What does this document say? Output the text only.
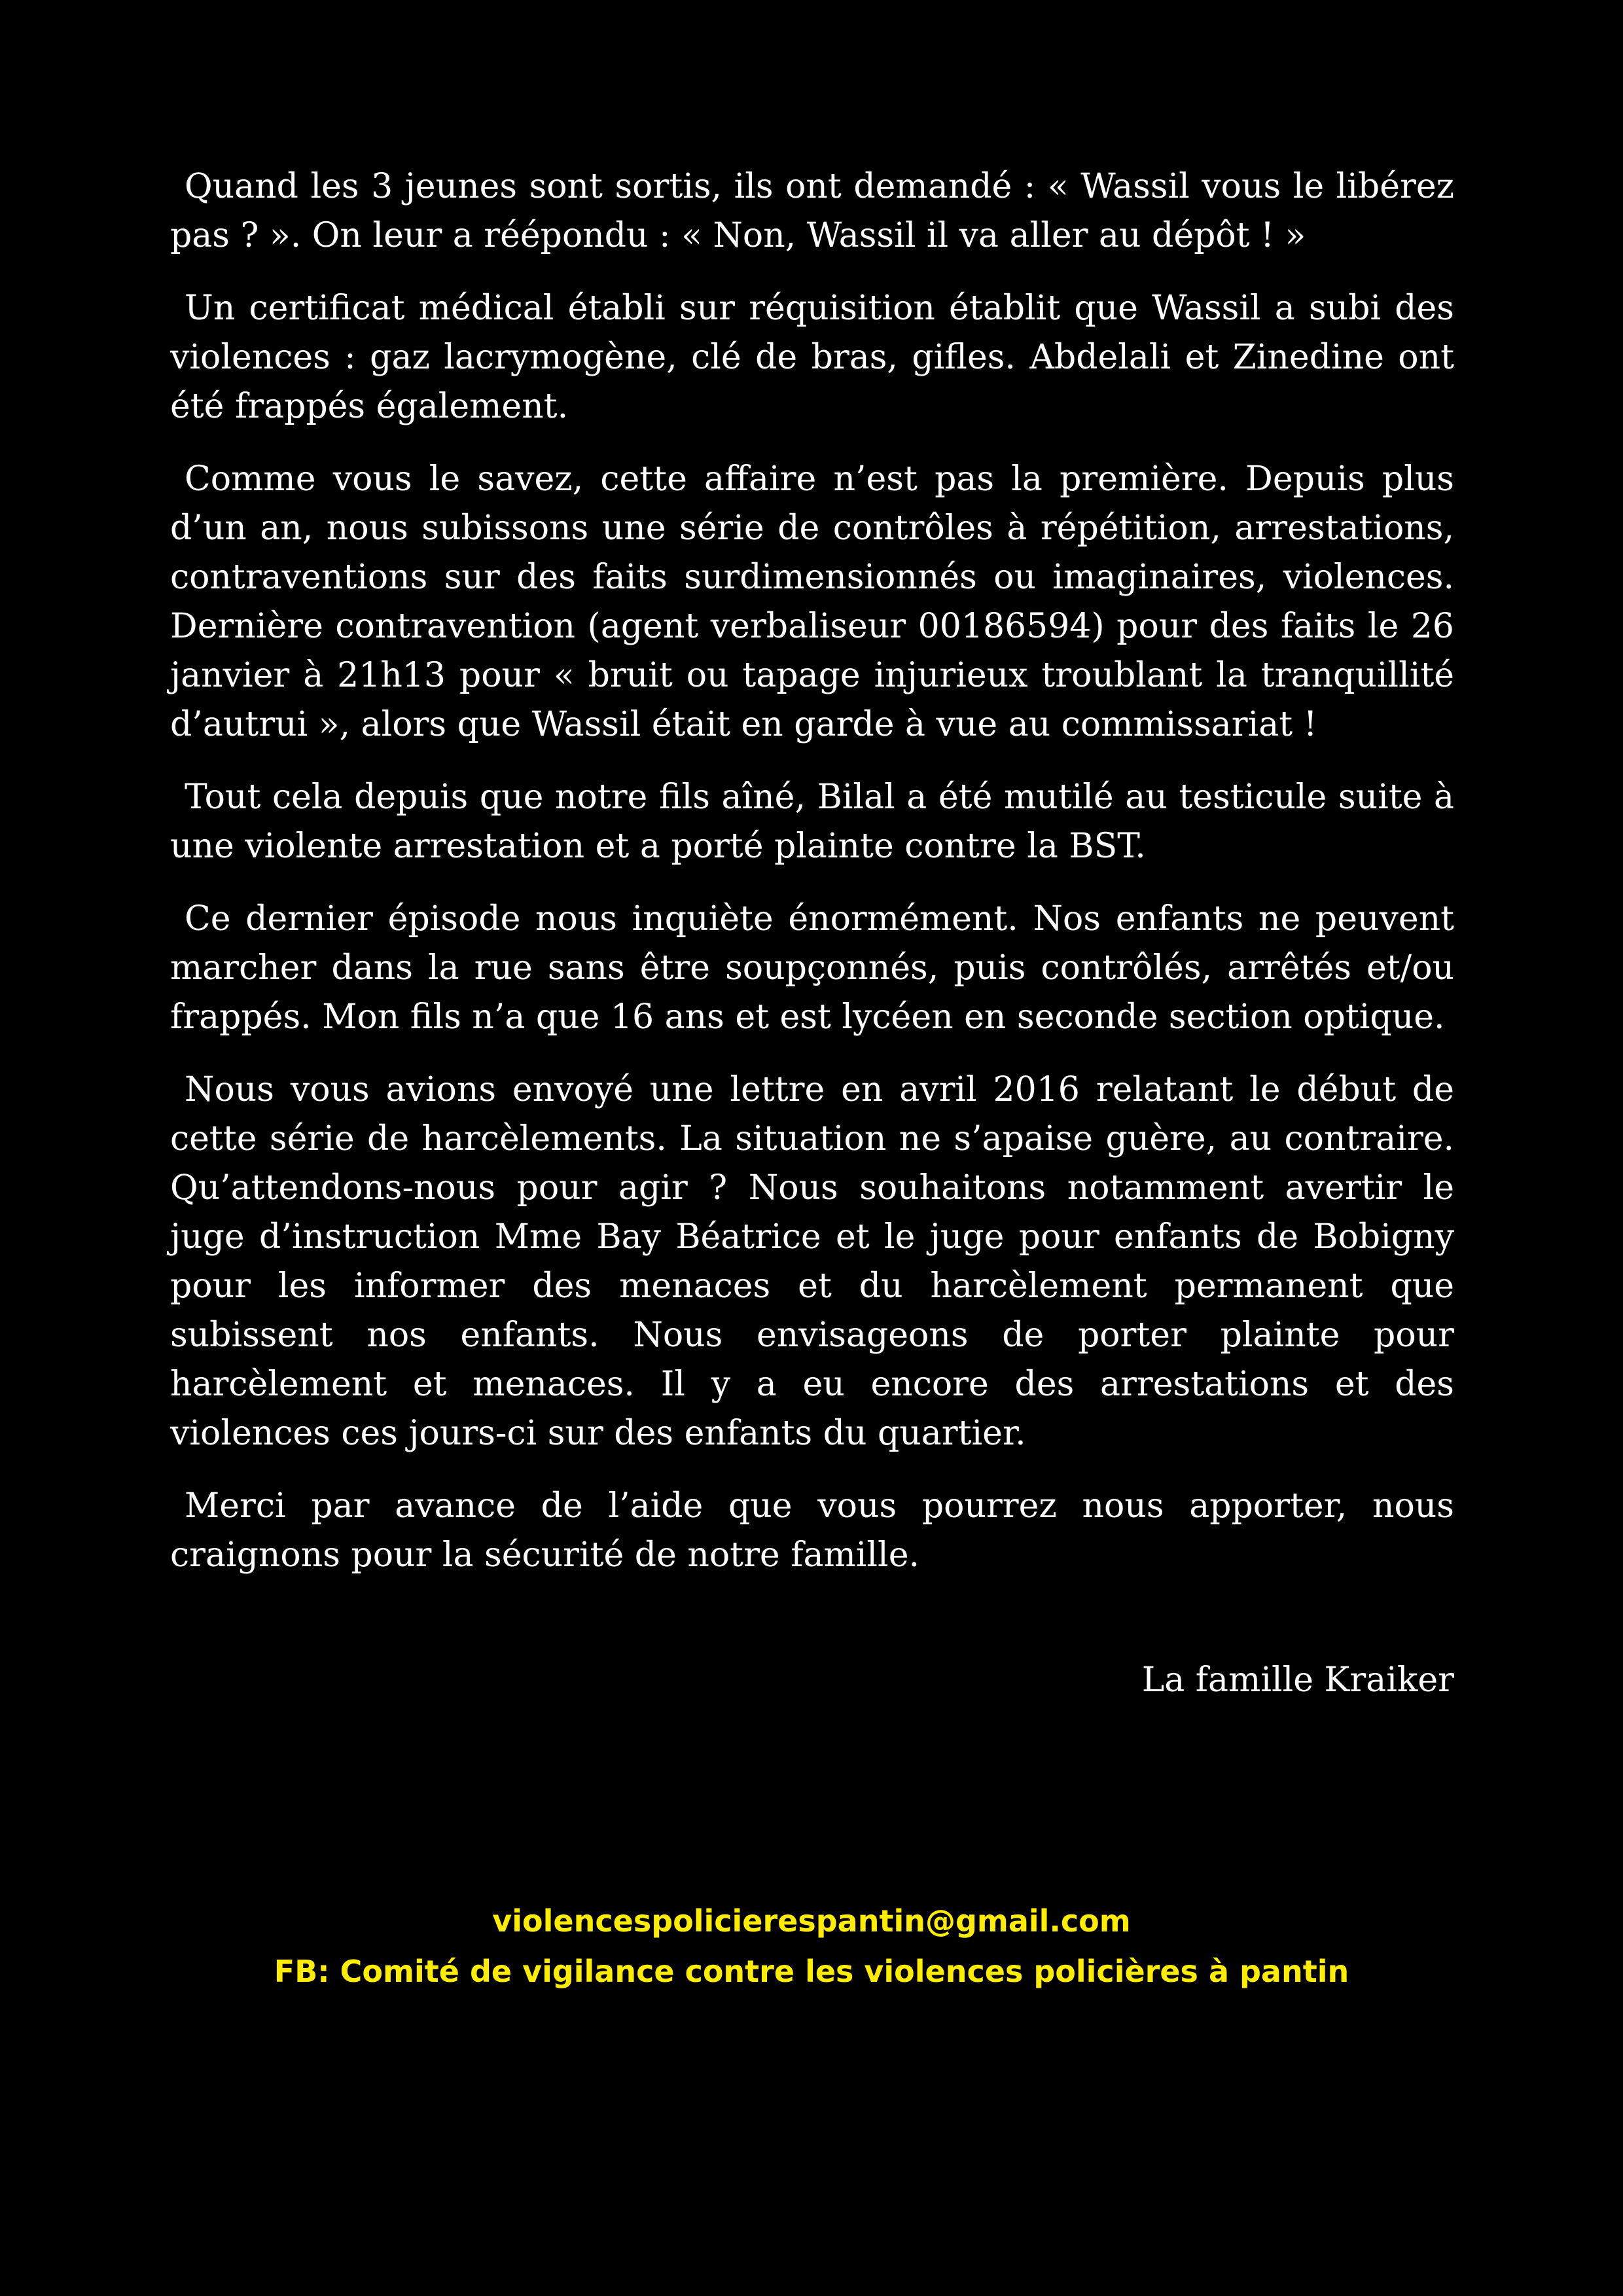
Quand les 3 jeunes sont sortis, ils ont demandé : « Wassil vous le libérez pas ? ». On leur a réépondu : « Non, Wassil il va aller au dépôt ! »

Un certificat médical établi sur réquisition établit que Wassil a subi des violences : gaz lacrymogène, clé de bras, gifles. Abdelali et Zinedine ont été frappés également.

Comme vous le savez, cette affaire n’est pas la première. Depuis plus d’un an, nous subissons une série de contrôles à répétition, arrestations, contraventions sur des faits surdimensionnés ou imaginaires, violences. Dernière contravention (agent verbaliseur 00186594) pour des faits le 26 janvier à 21h13 pour « bruit ou tapage injurieux troublant la tranquillité d’autrui », alors que Wassil était en garde à vue au commissariat !

Tout cela depuis que notre fils aîné, Bilal a été mutilé au testicule suite à une violente arrestation et a porté plainte contre la BST.

Ce dernier épisode nous inquiète énormément. Nos enfants ne peuvent marcher dans la rue sans être soupçonnés, puis contrôlés, arrêtés et/ou frappés. Mon fils n’a que 16 ans et est lycéen en seconde section optique.

Nous vous avions envoyé une lettre en avril 2016 relatant le début de cette série de harcèlements. La situation ne s’apaise guère, au contraire. Qu’attendons-nous pour agir ? Nous souhaitons notamment avertir le juge d’instruction Mme Bay Béatrice et le juge pour enfants de Bobigny pour les informer des menaces et du harcèlement permanent que subissent nos enfants. Nous envisageons de porter plainte pour harcèlement et menaces. Il y a eu encore des arrestations et des violences ces jours-ci sur des enfants du quartier.

Merci par avance de l’aide que vous pourrez nous apporter, nous craignons pour la sécurité de notre famille.

La famille Kraiker
violencespolicierespantin@gmail.com
FB: Comité de vigilance contre les violences policières à pantin
